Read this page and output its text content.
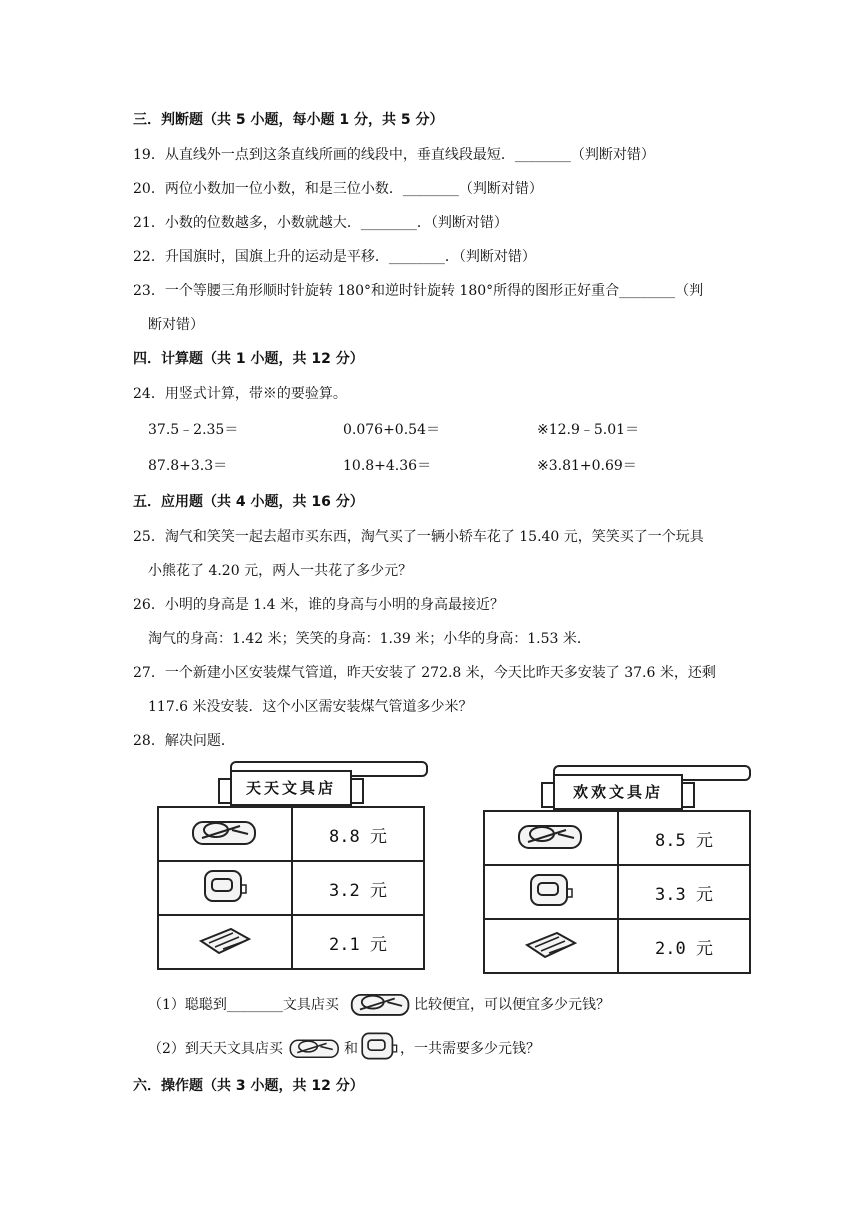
三．判断题（共 5 小题，每小题 1 分，共 5 分）
19．从直线外一点到这条直线所画的线段中，垂直线段最短．________（判断对错）
20．两位小数加一位小数，和是三位小数．________（判断对错）
21．小数的位数越多，小数就越大．________．（判断对错）
22．升国旗时，国旗上升的运动是平移．________．（判断对错）
23．一个等腰三角形顺时针旋转 180°和逆时针旋转 180°所得的图形正好重合________（判
断对错）
四．计算题（共 1 小题，共 12 分）
24．用竖式计算，带※的要验算。
37.5﹣2.35＝	0.076+0.54＝	※12.9﹣5.01＝
87.8+3.3＝	10.8+4.36＝	※3.81+0.69＝
五．应用题（共 4 小题，共 16 分）
25．淘气和笑笑一起去超市买东西，淘气买了一辆小轿车花了 15.40 元，笑笑买了一个玩具
小熊花了 4.20 元，两人一共花了多少元？
26．小明的身高是 1.4 米，谁的身高与小明的身高最接近？
淘气的身高：1.42 米；笑笑的身高：1.39 米；小华的身高：1.53 米．
27．一个新建小区安装煤气管道，昨天安装了 272.8 米，今天比昨天多安装了 37.6 米，还剩
117.6 米没安装．这个小区需安装煤气管道多少米？
28．解决问题．
天天文具店
	8.8 元
	3.2 元
	2.1 元
欢欢文具店
	8.5 元
	3.3 元
	2.0 元
（1）聪聪到________文具店买	比较便宜，可以便宜多少元钱？
（2）到天天文具店买	和	，一共需要多少元钱？
六．操作题（共 3 小题，共 12 分）
